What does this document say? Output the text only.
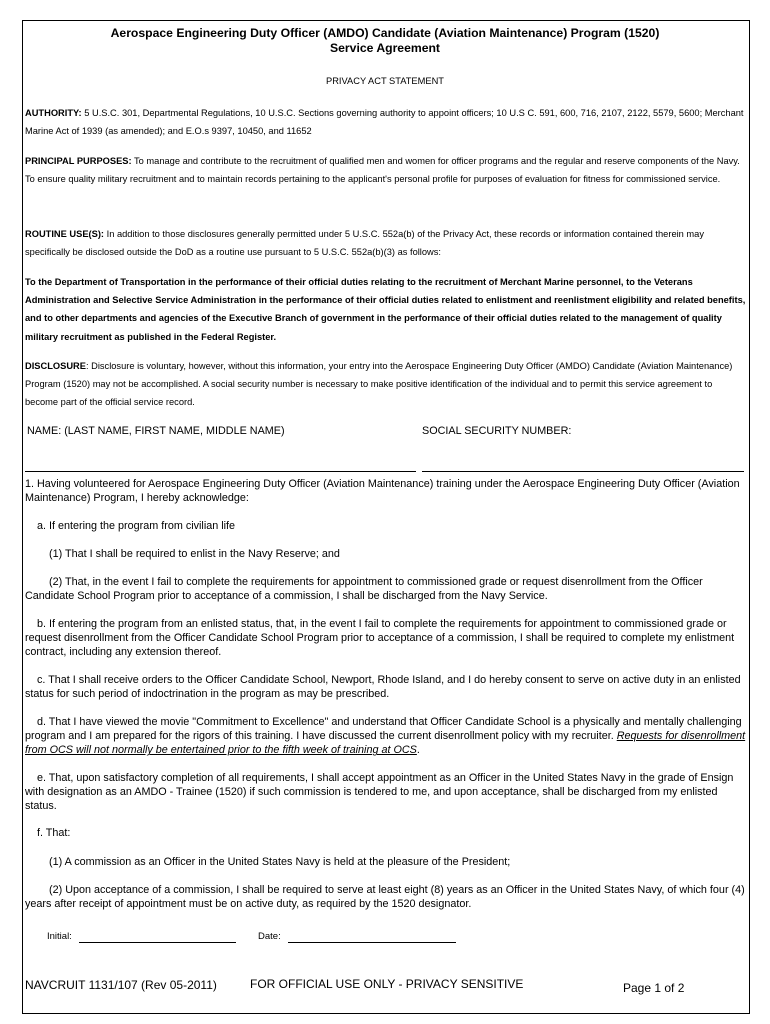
Aerospace Engineering Duty Officer (AMDO) Candidate (Aviation Maintenance) Program (1520)
Service Agreement
PRIVACY ACT STATEMENT
AUTHORITY: 5 U.S.C. 301, Departmental Regulations, 10 U.S.C. Sections governing authority to appoint officers; 10 U.S C. 591, 600, 716, 2107, 2122, 5579, 5600; Merchant Marine Act of 1939 (as amended); and E.O.s 9397, 10450, and 11652
PRINCIPAL PURPOSES: To manage and contribute to the recruitment of qualified men and women for officer programs and the regular and reserve components of the Navy. To ensure quality military recruitment and to maintain records pertaining to the applicant's personal profile for purposes of evaluation for fitness for commissioned service.
ROUTINE USE(S): In addition to those disclosures generally permitted under 5 U.S.C. 552a(b) of the Privacy Act, these records or information contained therein may specifically be disclosed outside the DoD as a routine use pursuant to 5 U.S.C. 552a(b)(3) as follows:
To the Department of Transportation in the performance of their official duties relating to the recruitment of Merchant Marine personnel, to the Veterans Administration and Selective Service Administration in the performance of their official duties related to enlistment and reenlistment eligibility and related benefits, and to other departments and agencies of the Executive Branch of government in the performance of their official duties related to the management of quality military recruitment as published in the Federal Register.
DISCLOSURE: Disclosure is voluntary, however, without this information, your entry into the Aerospace Engineering Duty Officer (AMDO) Candidate (Aviation Maintenance) Program (1520) may not be accomplished. A social security number is necessary to make positive identification of the individual and to permit this service agreement to become part of the official service record.
NAME: (LAST NAME, FIRST NAME, MIDDLE NAME)	SOCIAL SECURITY NUMBER:
1. Having volunteered for Aerospace Engineering Duty Officer (Aviation Maintenance) training under the Aerospace Engineering Duty Officer (Aviation Maintenance) Program, I hereby acknowledge:
a. If entering the program from civilian life
(1) That I shall be required to enlist in the Navy Reserve; and
(2) That, in the event I fail to complete the requirements for appointment to commissioned grade or request disenrollment from the Officer Candidate School Program prior to acceptance of a commission, I shall be discharged from the Navy Service.
b. If entering the program from an enlisted status, that, in the event I fail to complete the requirements for appointment to commissioned grade or request disenrollment from the Officer Candidate School Program prior to acceptance of a commission, I shall be required to complete my enlistment contract, including any extension thereof.
c. That I shall receive orders to the Officer Candidate School, Newport, Rhode Island, and I do hereby consent to serve on active duty in an enlisted status for such period of indoctrination in the program as may be prescribed.
d. That I have viewed the movie "Commitment to Excellence" and understand that Officer Candidate School is a physically and mentally challenging program and I am prepared for the rigors of this training. I have discussed the current disenrollment policy with my recruiter. Requests for disenrollment from OCS will not normally be entertained prior to the fifth week of training at OCS.
e. That, upon satisfactory completion of all requirements, I shall accept appointment as an Officer in the United States Navy in the grade of Ensign with designation as an AMDO - Trainee (1520) if such commission is tendered to me, and upon acceptance, shall be discharged from my enlisted status.
f. That:
(1) A commission as an Officer in the United States Navy is held at the pleasure of the President;
(2) Upon acceptance of a commission, I shall be required to serve at least eight (8) years as an Officer in the United States Navy, of which four (4) years after receipt of appointment must be on active duty, as required by the 1520 designator.
Initial:	Date:
NAVCRUIT 1131/107 (Rev 05-2011)	FOR OFFICIAL USE ONLY - PRIVACY SENSITIVE	Page 1 of 2
